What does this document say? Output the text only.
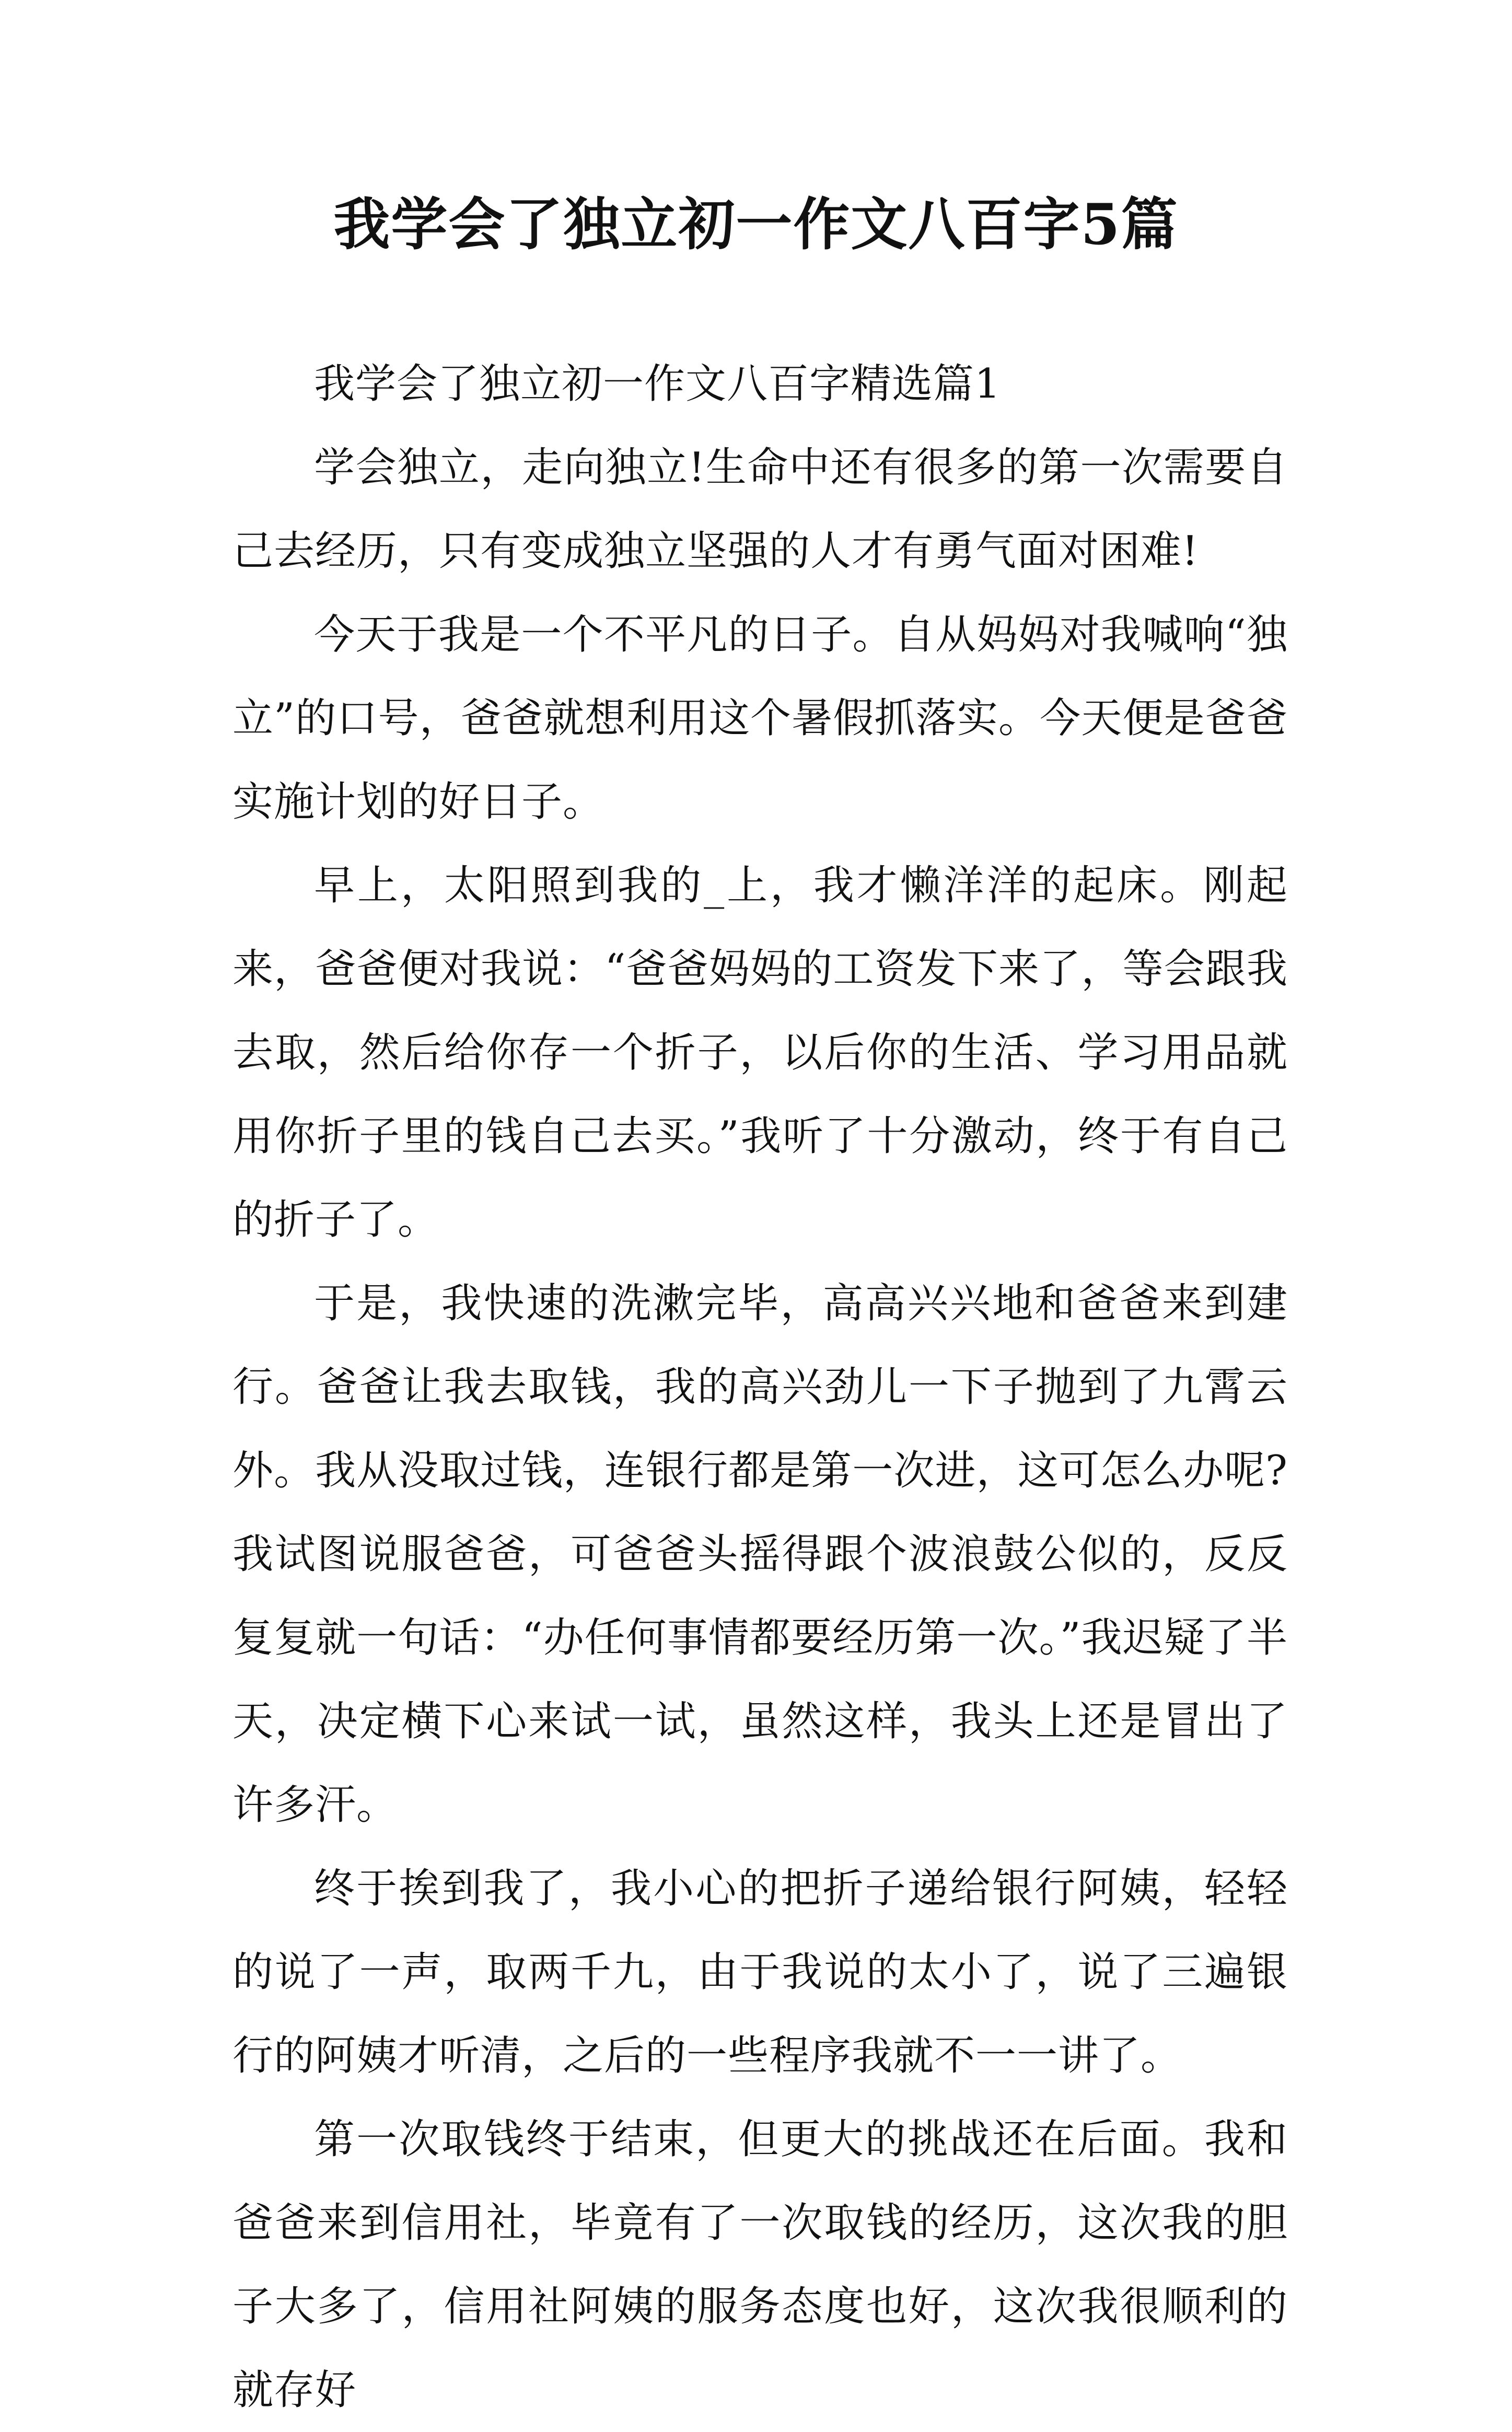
我学会了独立初一作文八百字5篇

我学会了独立初一作文八百字精选篇1

学会独立，走向独立!生命中还有很多的第一次需要自己去经历，只有变成独立坚强的人才有勇气面对困难!

今天于我是一个不平凡的日子。自从妈妈对我喊响“独立”的口号，爸爸就想利用这个暑假抓落实。今天便是爸爸实施计划的好日子。

早上，太阳照到我的_上，我才懒洋洋的起床。刚起来，爸爸便对我说：“爸爸妈妈的工资发下来了，等会跟我去取，然后给你存一个折子，以后你的生活、学习用品就用你折子里的钱自己去买。”我听了十分激动，终于有自己的折子了。

于是，我快速的洗漱完毕，高高兴兴地和爸爸来到建行。爸爸让我去取钱，我的高兴劲儿一下子抛到了九霄云外。我从没取过钱，连银行都是第一次进，这可怎么办呢?我试图说服爸爸，可爸爸头摇得跟个波浪鼓公似的，反反复复就一句话：“办任何事情都要经历第一次。”我迟疑了半天，决定横下心来试一试，虽然这样，我头上还是冒出了许多汗。

终于挨到我了，我小心的把折子递给银行阿姨，轻轻的说了一声，取两千九，由于我说的太小了，说了三遍银行的阿姨才听清，之后的一些程序我就不一一讲了。

第一次取钱终于结束，但更大的挑战还在后面。我和爸爸来到信用社，毕竟有了一次取钱的经历，这次我的胆子大多了，信用社阿姨的服务态度也好，这次我很顺利的就存好
